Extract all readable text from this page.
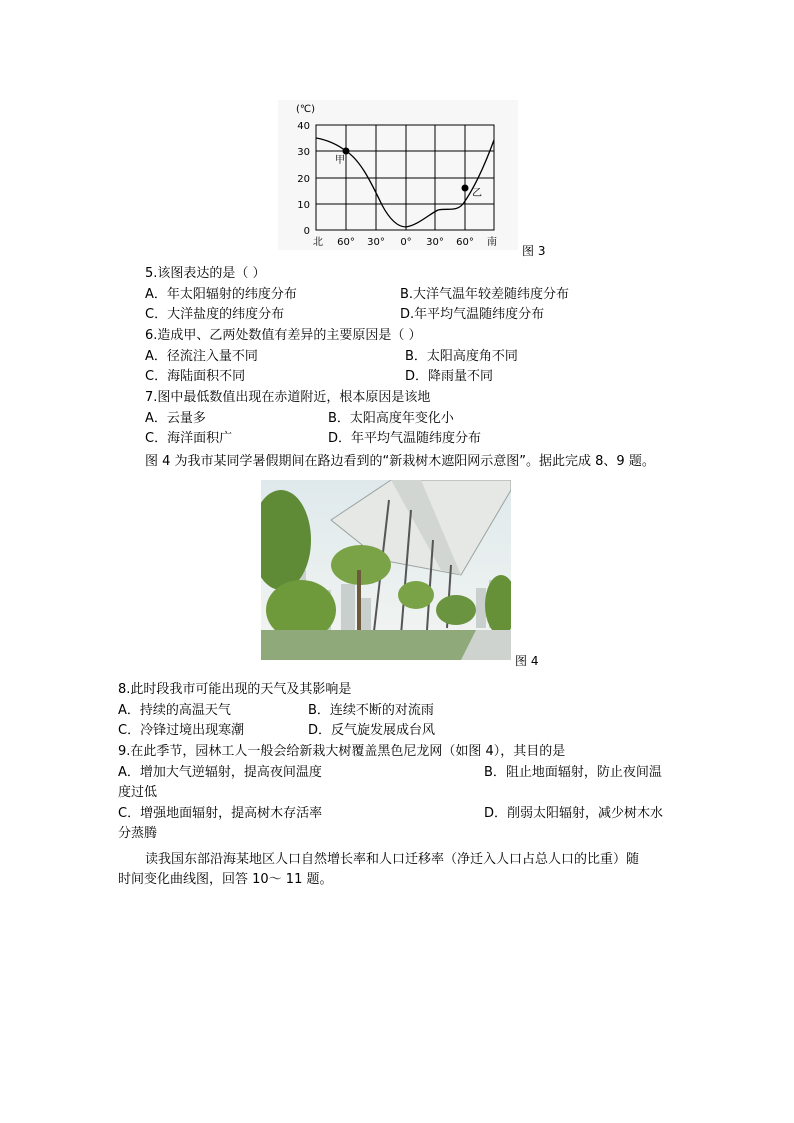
(℃)
40
30
20
10
0
北 60° 30° 0° 30° 60° 南
甲
乙
图 3
5.该图表达的是（ ）
A．年太阳辐射的纬度分布	B.大洋气温年较差随纬度分布
C．大洋盐度的纬度分布	D.年平均气温随纬度分布
6.造成甲、乙两处数值有差异的主要原因是（ ）
A．径流注入量不同	B．太阳高度角不同
C．海陆面积不同	D．降雨量不同
7.图中最低数值出现在赤道附近，根本原因是该地
A．云量多	B．太阳高度年变化小
C．海洋面积广	D．年平均气温随纬度分布
图 4 为我市某同学暑假期间在路边看到的“新栽树木遮阳网示意图”。据此完成 8、9 题。
图 4
8.此时段我市可能出现的天气及其影响是
A．持续的高温天气	B．连续不断的对流雨
C．冷锋过境出现寒潮	D．反气旋发展成台风
9.在此季节，园林工人一般会给新栽大树覆盖黑色尼龙网（如图 4），其目的是
A．增加大气逆辐射，提高夜间温度	B．阻止地面辐射，防止夜间温
度过低
C．增强地面辐射，提高树木存活率	D．削弱太阳辐射，减少树木水
分蒸腾
读我国东部沿海某地区人口自然增长率和人口迁移率（净迁入人口占总人口的比重）随
时间变化曲线图，回答 10～ 11 题。
